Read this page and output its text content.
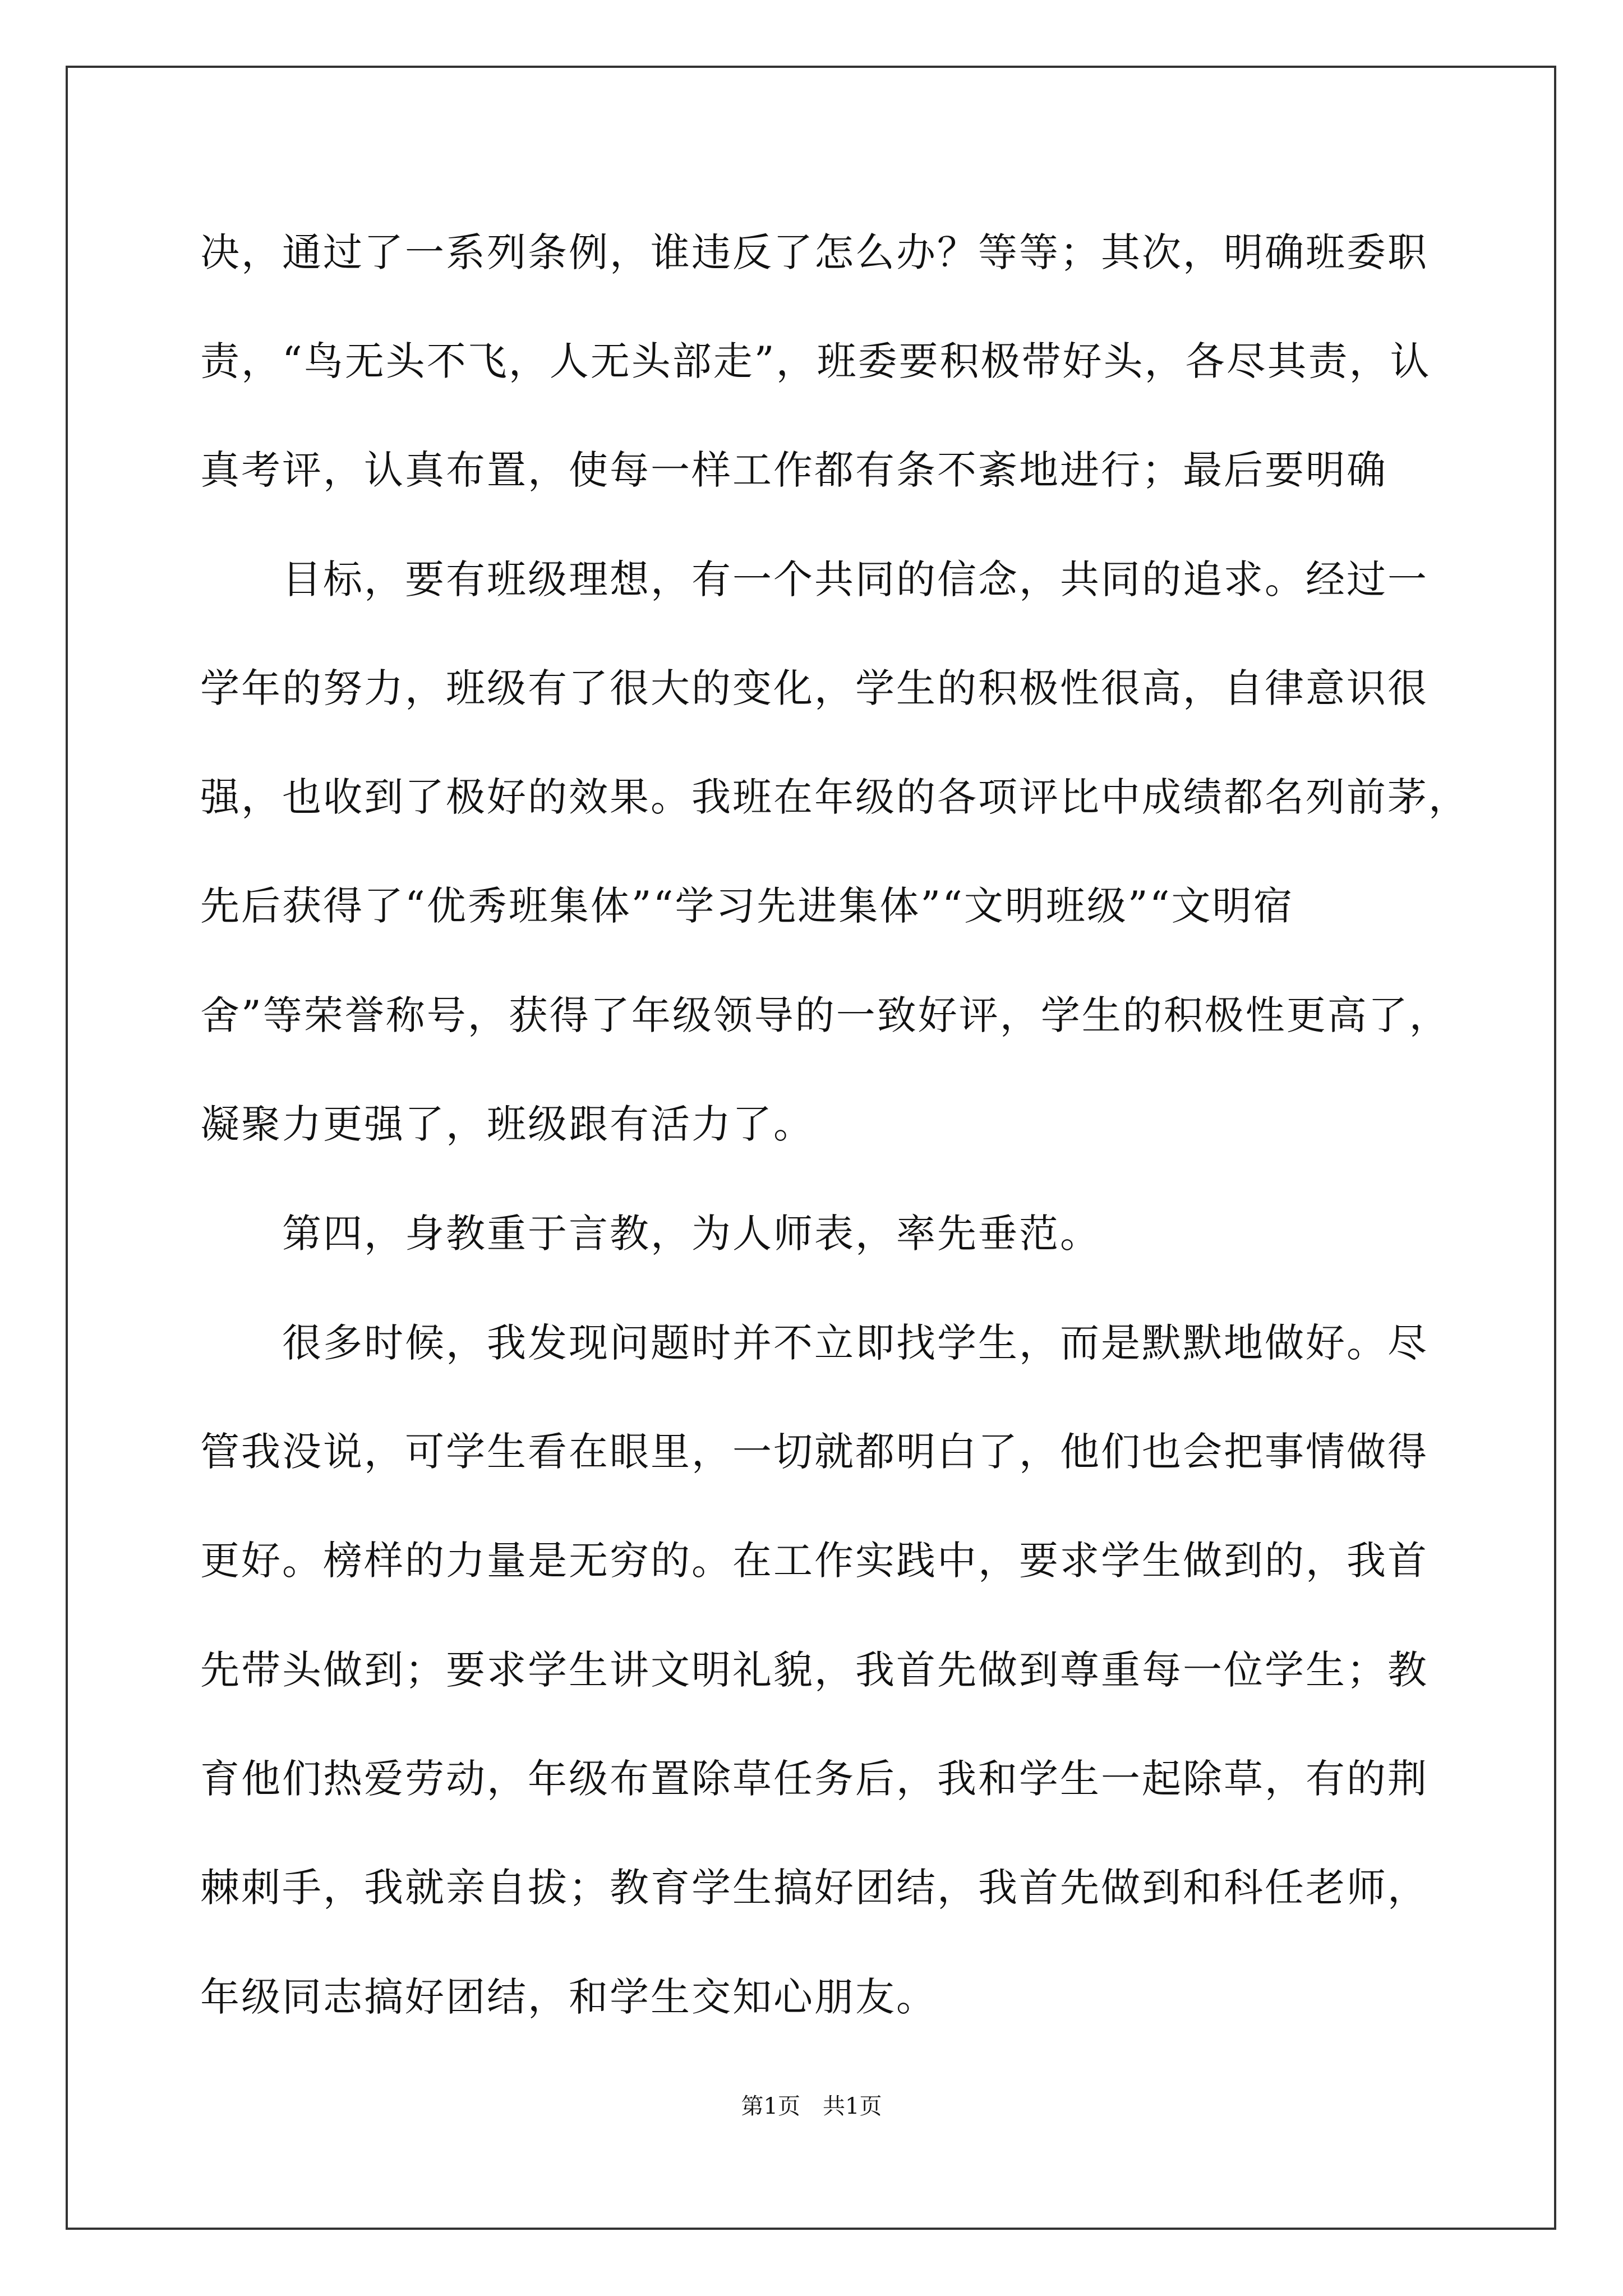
决，通过了一系列条例，谁违反了怎么办？等等；其次，明确班委职
责，“鸟无头不飞，人无头部走”，班委要积极带好头，各尽其责，认
真考评，认真布置，使每一样工作都有条不紊地进行；最后要明确
　　目标，要有班级理想，有一个共同的信念，共同的追求。经过一
学年的努力，班级有了很大的变化，学生的积极性很高，自律意识很
强，也收到了极好的效果。我班在年级的各项评比中成绩都名列前茅，
先后获得了“优秀班集体”“学习先进集体”“文明班级”“文明宿
舍”等荣誉称号，获得了年级领导的一致好评，学生的积极性更高了，
凝聚力更强了，班级跟有活力了。
　　第四，身教重于言教，为人师表，率先垂范。
　　很多时候，我发现问题时并不立即找学生，而是默默地做好。尽
管我没说，可学生看在眼里，一切就都明白了，他们也会把事情做得
更好。榜样的力量是无穷的。在工作实践中，要求学生做到的，我首
先带头做到；要求学生讲文明礼貌，我首先做到尊重每一位学生；教
育他们热爱劳动，年级布置除草任务后，我和学生一起除草，有的荆
棘刺手，我就亲自拔；教育学生搞好团结，我首先做到和科任老师，
年级同志搞好团结，和学生交知心朋友。
第1页　共1页
